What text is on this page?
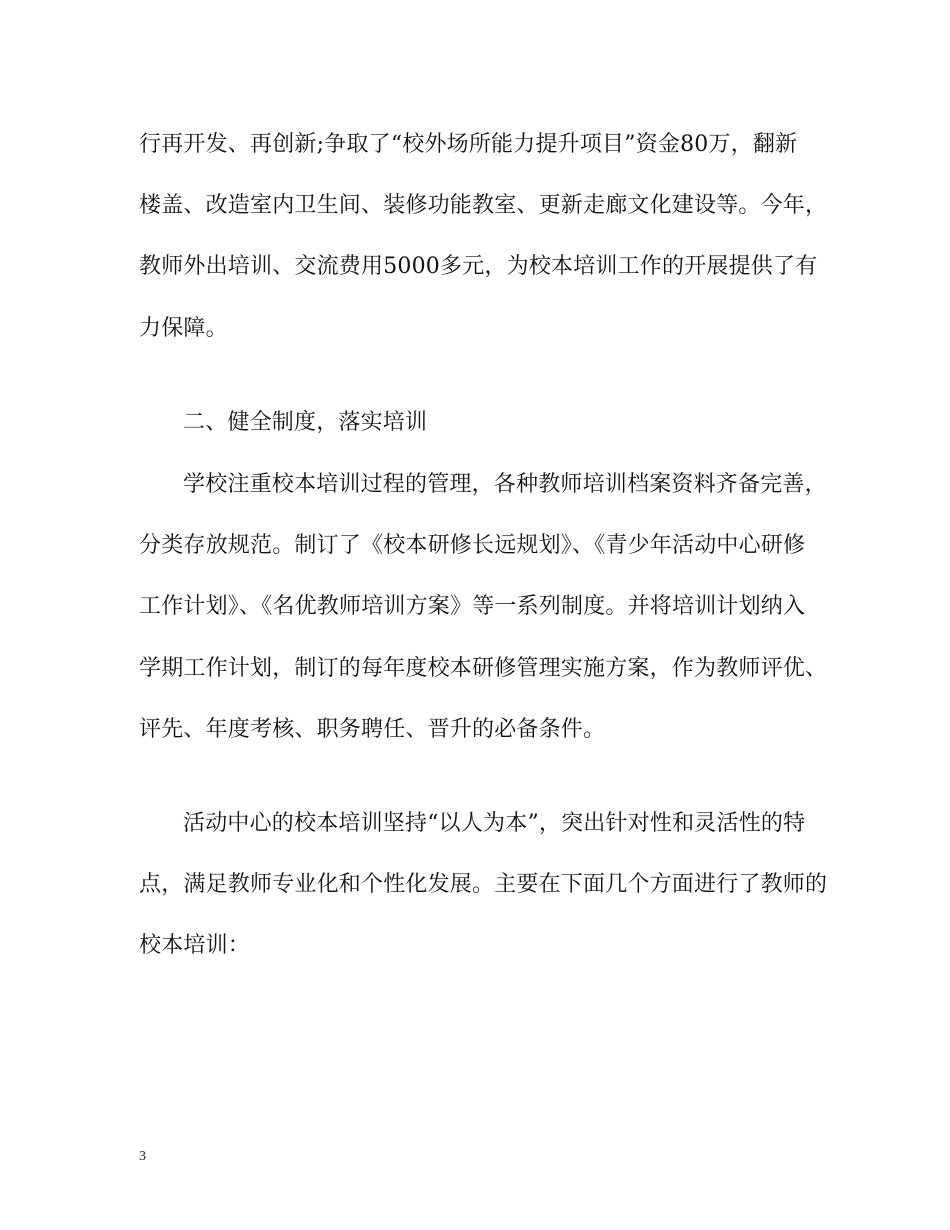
行再开发、再创新;争取了“校外场所能力提升项目”资金80万，翻新

楼盖、改造室内卫生间、装修功能教室、更新走廊文化建设等。今年，

教师外出培训、交流费用5000多元，为校本培训工作的开展提供了有

力保障。

二、健全制度，落实培训

学校注重校本培训过程的管理，各种教师培训档案资料齐备完善，

分类存放规范。制订了《校本研修长远规划》、《青少年活动中心研修

工作计划》、《名优教师培训方案》等一系列制度。并将培训计划纳入

学期工作计划，制订的每年度校本研修管理实施方案，作为教师评优、

评先、年度考核、职务聘任、晋升的必备条件。

活动中心的校本培训坚持“以人为本”，突出针对性和灵活性的特

点，满足教师专业化和个性化发展。主要在下面几个方面进行了教师的

校本培训：

3
